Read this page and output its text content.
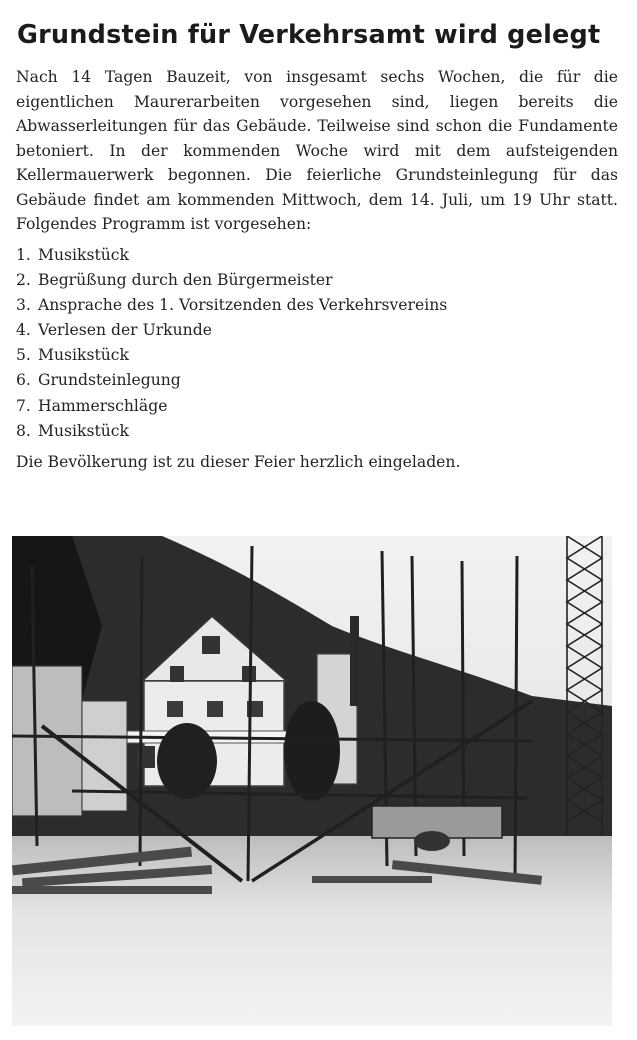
Grundstein für Verkehrsamt wird gelegt

Nach 14 Tagen Bauzeit, von insgesamt sechs Wochen, die für die eigentlichen Maurerarbeiten vorgesehen sind, liegen bereits die Abwasserleitungen für das Gebäude. Teilweise sind schon die Fundamente betoniert. In der kommenden Woche wird mit dem aufsteigenden Kellermauerwerk begonnen. Die feierliche Grundsteinlegung für das Gebäude findet am kommenden Mittwoch, dem 14. Juli, um 19 Uhr statt. Folgendes Programm ist vorgesehen:

1. Musikstück
2. Begrüßung durch den Bürgermeister
3. Ansprache des 1. Vorsitzenden des Verkehrsvereins
4. Verlesen der Urkunde
5. Musikstück
6. Grundsteinlegung
7. Hammerschläge
8. Musikstück

Die Bevölkerung ist zu dieser Feier herzlich eingeladen.
